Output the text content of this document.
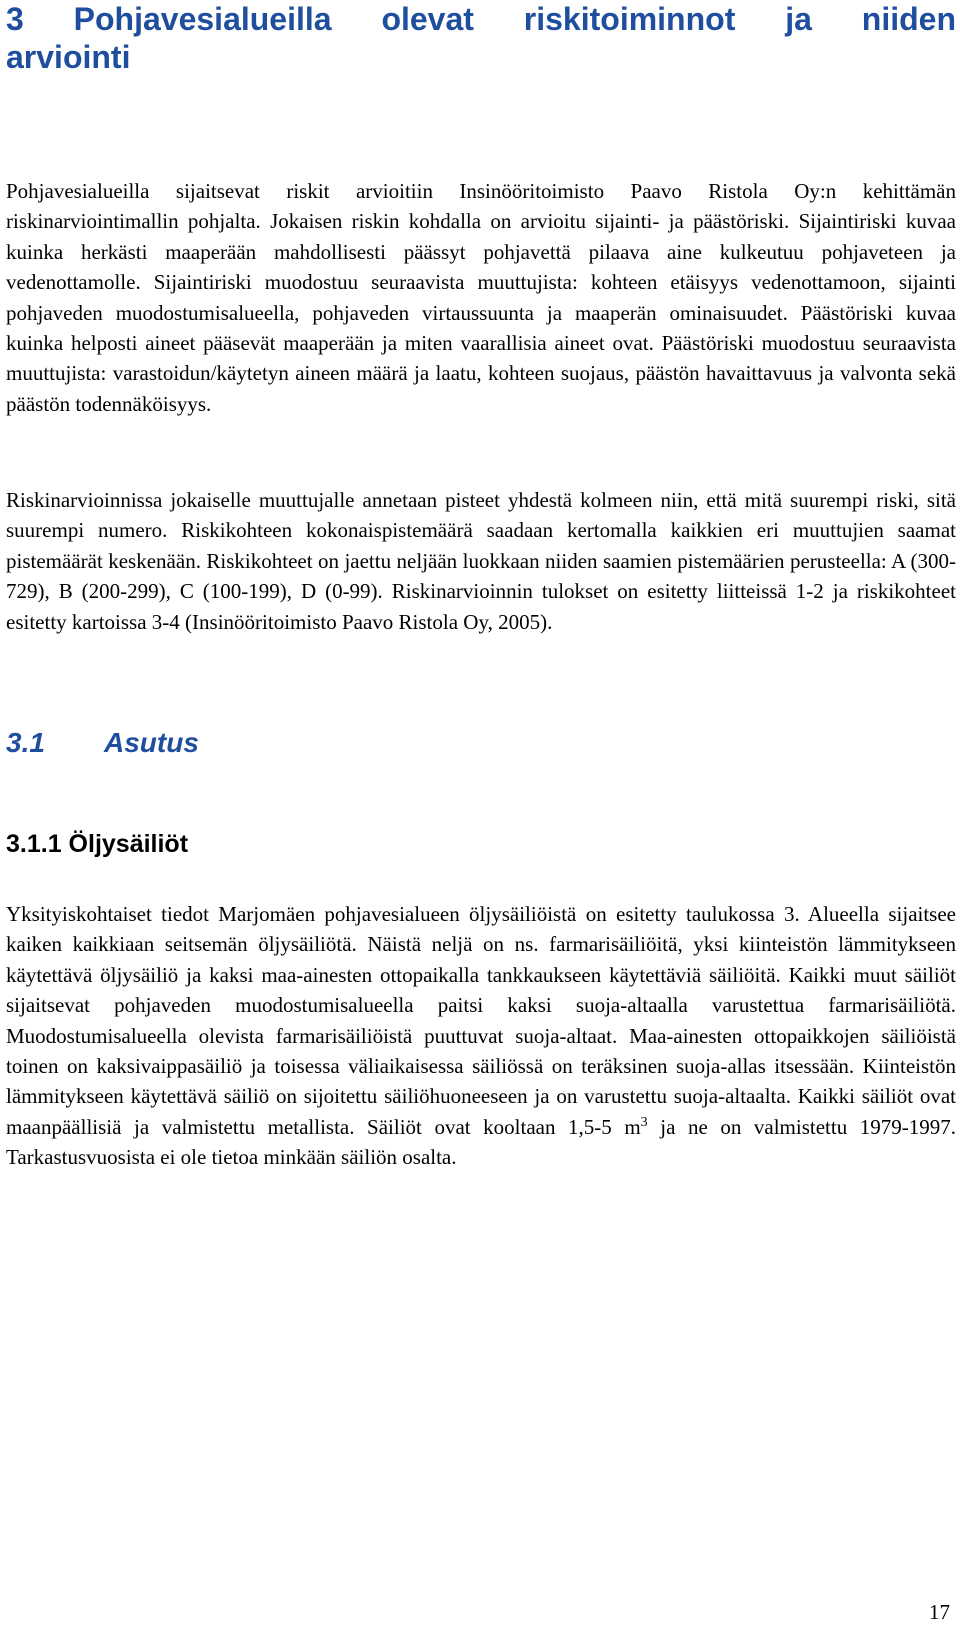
3 Pohjavesialueilla olevat riskitoiminnot ja niiden
arviointi

Pohjavesialueilla sijaitsevat riskit arvioitiin Insinööritoimisto Paavo Ristola Oy:n kehittämän riskinarviointimallin pohjalta. Jokaisen riskin kohdalla on arvioitu sijainti- ja päästöriski. Sijaintiriski kuvaa kuinka herkästi maaperään mahdollisesti päässyt pohjavettä pilaava aine kulkeutuu pohjaveteen ja vedenottamolle. Sijaintiriski muodostuu seuraavista muuttujista: kohteen etäisyys vedenottamoon, sijainti pohjaveden muodostumisalueella, pohjaveden virtaussuunta ja maaperän ominaisuudet. Päästöriski kuvaa kuinka helposti aineet pääsevät maaperään ja miten vaarallisia aineet ovat. Päästöriski muodostuu seuraavista muuttujista: varastoidun/käytetyn aineen määrä ja laatu, kohteen suojaus, päästön havaittavuus ja valvonta sekä päästön todennäköisyys.

Riskinarvioinnissa jokaiselle muuttujalle annetaan pisteet yhdestä kolmeen niin, että mitä suurempi riski, sitä suurempi numero. Riskikohteen kokonaispistemäärä saadaan kertomalla kaikkien eri muuttujien saamat pistemäärät keskenään. Riskikohteet on jaettu neljään luokkaan niiden saamien pistemäärien perusteella: A (300-729), B (200-299), C (100-199), D (0-99). Riskinarvioinnin tulokset on esitetty liitteissä 1-2 ja riskikohteet esitetty kartoissa 3-4 (Insinööritoimisto Paavo Ristola Oy, 2005).

3.1 Asutus
3.1.1 Öljysäiliöt

Yksityiskohtaiset tiedot Marjomäen pohjavesialueen öljysäiliöistä on esitetty taulukossa 3. Alueella sijaitsee kaiken kaikkiaan seitsemän öljysäiliötä. Näistä neljä on ns. farmarisäiliöitä, yksi kiinteistön lämmitykseen käytettävä öljysäiliö ja kaksi maa-ainesten ottopaikalla tankkaukseen käytettäviä säiliöitä. Kaikki muut säiliöt sijaitsevat pohjaveden muodostumisalueella paitsi kaksi suoja-altaalla varustettua farmarisäiliötä. Muodostumisalueella olevista farmarisäiliöistä puuttuvat suoja-altaat. Maa-ainesten ottopaikkojen säiliöistä toinen on kaksivaippasäiliö ja toisessa väliaikaisessa säiliössä on teräksinen suoja-allas itsessään. Kiinteistön lämmitykseen käytettävä säiliö on sijoitettu säiliöhuoneeseen ja on varustettu suoja-altaalta. Kaikki säiliöt ovat maanpäällisiä ja valmistettu metallista. Säiliöt ovat kooltaan 1,5-5 $m^3$ ja ne on valmistettu 1979-1997. Tarkastusvuosista ei ole tietoa minkään säiliön osalta.

17
